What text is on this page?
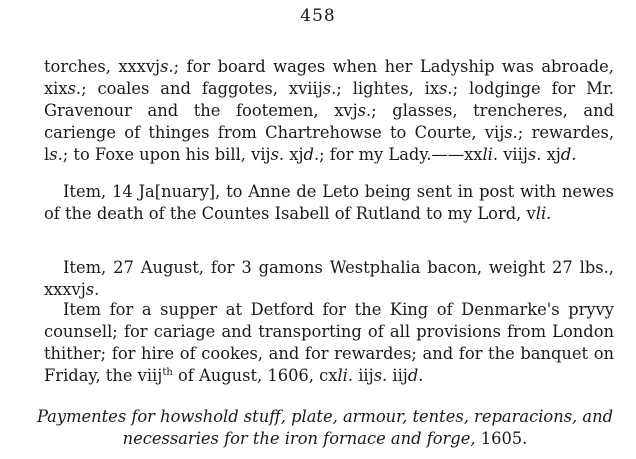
458
torches, xxxvjs.; for board wages when her Ladyship was abroade, xixs.; coales and faggotes, xviijs.; lightes, ixs.; lodginge for Mr. Gravenour and the footemen, xvjs.; glasses, trencheres, and carienge of thinges from Chartrehowse to Courte, vijs.; rewardes, ls.; to Foxe upon his bill, vijs. xjd.; for my Lady.——xxli. viijs. xjd.
Item, 14 Ja[nuary], to Anne de Leto being sent in post with newes of the death of the Countes Isabell of Rutland to my Lord, vli.
Item, 27 August, for 3 gamons Westphalia bacon, weight 27 lbs., xxxvjs.
Item for a supper at Detford for the King of Denmarke's pryvy counsell; for cariage and transporting of all provisions from London thither; for hire of cookes, and for rewardes; and for the banquet on Friday, the viij$^{th}$ of August, 1606, cxli. iijs. iijd.
Paymentes for howshold stuff, plate, armour, tentes, reparacions, and necessaries for the iron fornace and forge, 1605.
